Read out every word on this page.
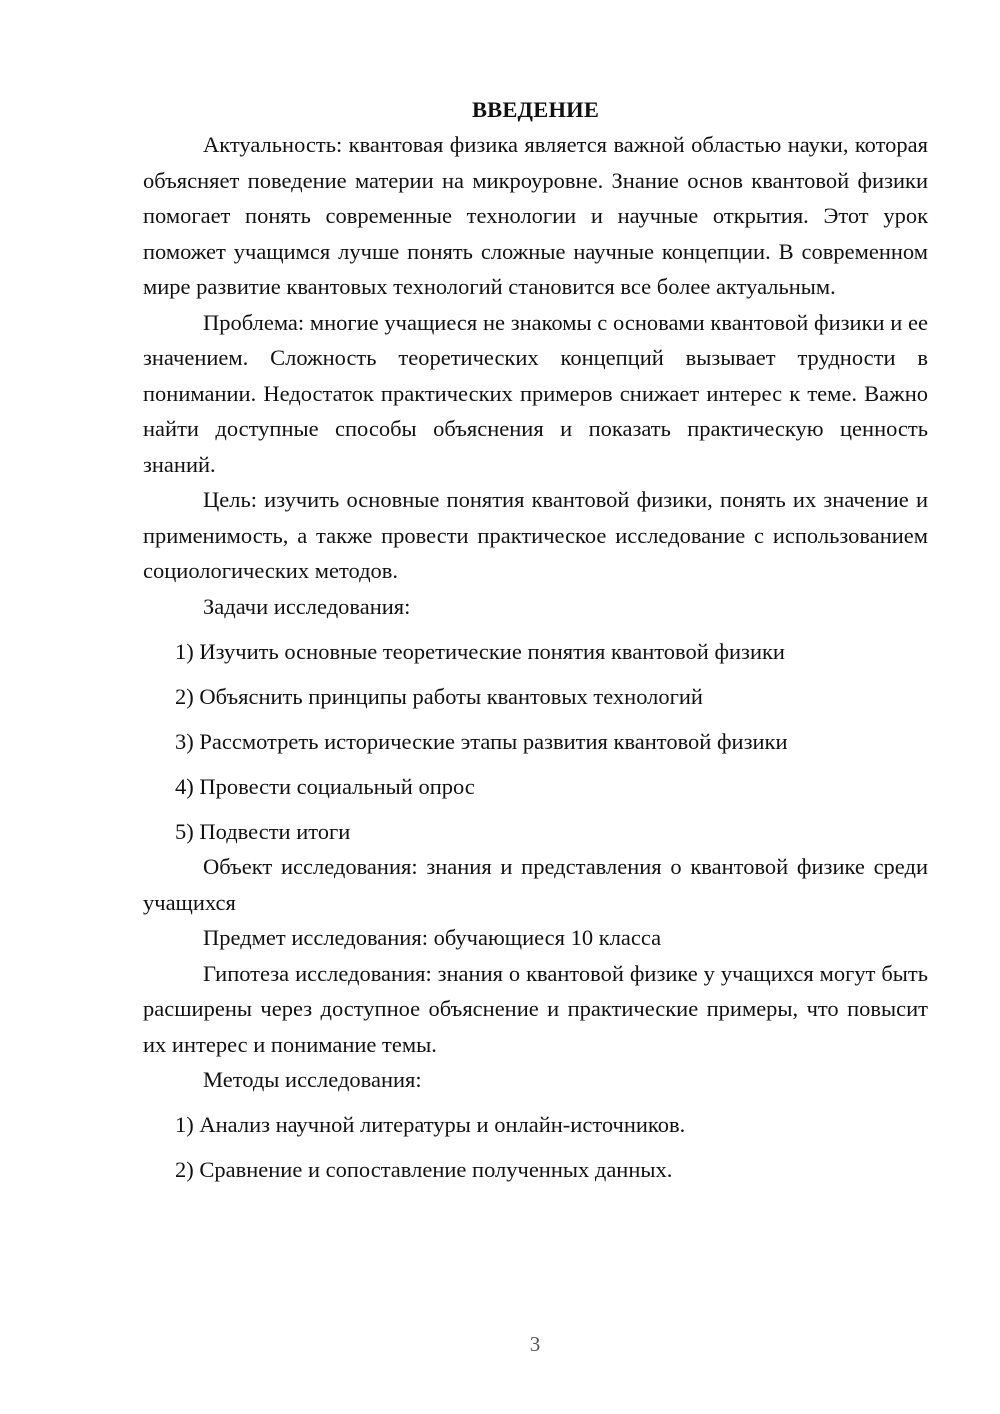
ВВЕДЕНИЕ

Актуальность: квантовая физика является важной областью науки, которая объясняет поведение материи на микроуровне. Знание основ квантовой физики помогает понять современные технологии и научные открытия. Этот урок поможет учащимся лучше понять сложные научные концепции. В современном мире развитие квантовых технологий становится все более актуальным.

Проблема: многие учащиеся не знакомы с основами квантовой физики и ее значением. Сложность теоретических концепций вызывает трудности в понимании. Недостаток практических примеров снижает интерес к теме. Важно найти доступные способы объяснения и показать практическую ценность знаний.

Цель: изучить основные понятия квантовой физики, понять их значение и применимость, а также провести практическое исследование с использованием социологических методов.

Задачи исследования:

1) Изучить основные теоретические понятия квантовой физики
2) Объяснить принципы работы квантовых технологий
3) Рассмотреть исторические этапы развития квантовой физики
4) Провести социальный опрос
5) Подвести итоги

Объект исследования: знания и представления о квантовой физике среди учащихся

Предмет исследования: обучающиеся 10 класса

Гипотеза исследования: знания о квантовой физике у учащихся могут быть расширены через доступное объяснение и практические примеры, что повысит их интерес и понимание темы.

Методы исследования:

1) Анализ научной литературы и онлайн-источников.
2) Сравнение и сопоставление полученных данных.
3
